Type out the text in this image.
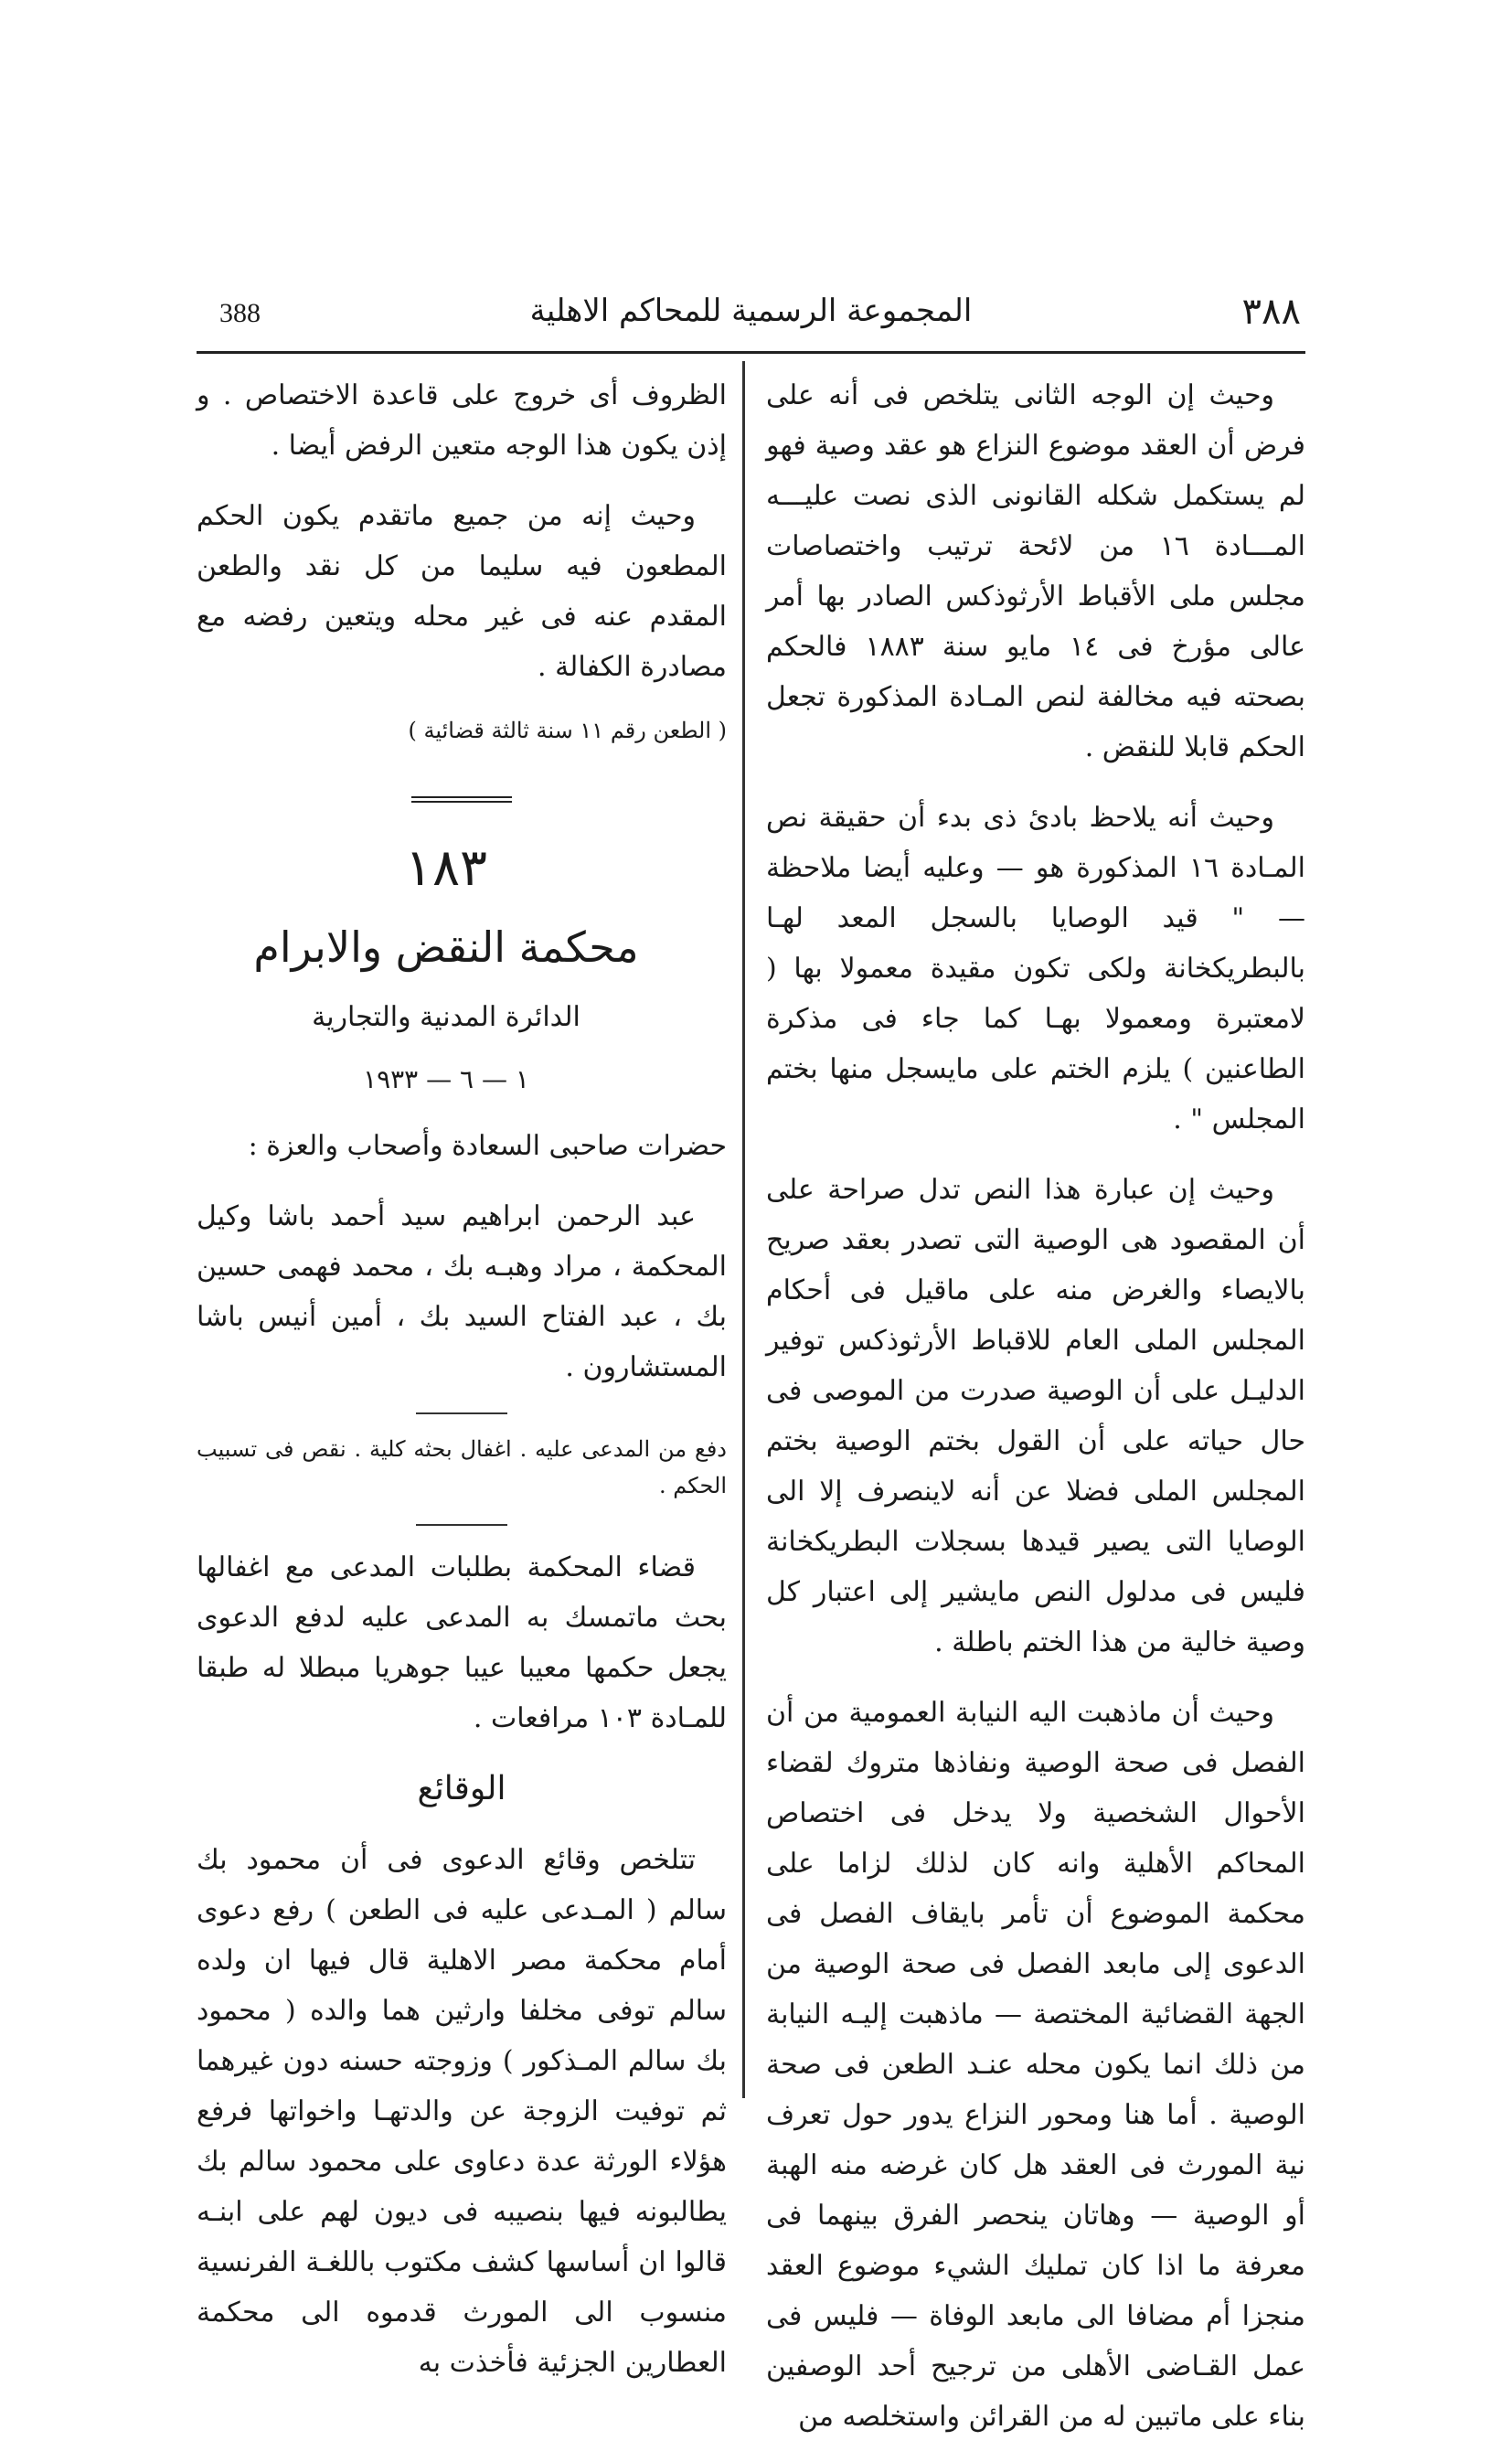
388	المجموعة الرسمية للمحاكم الاهلية	٣٨٨

وحيث إن الوجه الثانى يتلخص فى أنه على فرض أن العقد موضوع النزاع هو عقد وصية فهو لم يستكمل شكله القانونى الذى نصت عليـــه المـــادة ١٦ من لائحة ترتيب واختصاصات مجلس ملى الأقباط الأرثوذكس الصادر بها أمر عالى مؤرخ فى ١٤ مايو سنة ١٨٨٣ فالحكم بصحته فيه مخالفة لنص المـادة المذكورة تجعل الحكم قابلا للنقض .

وحيث أنه يلاحظ بادئ ذى بدء أن حقيقة نص المـادة ١٦ المذكورة هو — وعليه أيضا ملاحظة — " قيد الوصايا بالسجل المعد لهـا بالبطريكخانة ولكى تكون مقيدة معمولا بها ( لامعتبرة ومعمولا بهـا كما جاء فى مذكرة الطاعنين ) يلزم الختم على مايسجل منها بختم المجلس " .

وحيث إن عبارة هذا النص تدل صراحة على أن المقصود هى الوصية التى تصدر بعقد صريح بالايصاء والغرض منه على ماقيل فى أحكام المجلس الملى العام للاقباط الأرثوذكس توفير الدليـل على أن الوصية صدرت من الموصى فى حال حياته على أن القول بختم الوصية بختم المجلس الملى فضلا عن أنه لاينصرف إلا الى الوصايا التى يصير قيدها بسجلات البطريكخانة فليس فى مدلول النص مايشير إلى اعتبار كل وصية خالية من هذا الختم باطلة .

وحيث أن ماذهبت اليه النيابة العمومية من أن الفصل فى صحة الوصية ونفاذها متروك لقضاء الأحوال الشخصية ولا يدخل فى اختصاص المحاكم الأهلية وانه كان لذلك لزاما على محكمة الموضوع أن تأمر بايقاف الفصل فى الدعوى إلى مابعد الفصل فى صحة الوصية من الجهة القضائية المختصة — ماذهبت إليـه النيابة من ذلك انما يكون محله عنـد الطعن فى صحة الوصية . أما هنا ومحور النزاع يدور حول تعرف نية المورث فى العقد هل كان غرضه منه الهبة أو الوصية — وهاتان ينحصر الفرق بينهما فى معرفة ما اذا كان تمليك الشيء موضوع العقد منجزا أم مضافا الى مابعد الوفاة — فليس فى عمل القـاضى الأهلى من ترجيح أحد الوصفين بناء على ماتبين له من القرائن واستخلصه من

الظروف أى خروج على قاعدة الاختصاص . و إذن يكون هذا الوجه متعين الرفض أيضا .

وحيث إنه من جميع ماتقدم يكون الحكم المطعون فيه سليما من كل نقد والطعن المقدم عنه فى غير محله ويتعين رفضه مع مصادرة الكفالة .

( الطعن رقم ١١ سنة ثالثة قضائية )

١٨٣

محكمة النقض والابرام

الدائرة المدنية والتجارية

١ — ٦ — ١٩٣٣

حضرات صاحبى السعادة وأصحاب والعزة :

عبد الرحمن ابراهيم سيد أحمد باشا وكيل المحكمة ، مراد وهبـه بك ، محمد فهمى حسين بك ، عبد الفتاح السيد بك ، أمين أنيس باشا المستشارون .

دفع من المدعى عليه . اغفال بحثه كلية . نقص فى تسبيب الحكم .

قضاء المحكمة بطلبات المدعى مع اغفالها بحث ماتمسك به المدعى عليه لدفع الدعوى يجعل حكمها معيبا عيبا جوهريا مبطلا له طبقا للمـادة ١٠٣ مرافعات .

الوقائع

تتلخص وقائع الدعوى فى أن محمود بك سالم ( المـدعى عليه فى الطعن ) رفع دعوى أمام محكمة مصر الاهلية قال فيها ان ولده سالم توفى مخلفا وارثين هما والده ( محمود بك سالم المـذكور ) وزوجته حسنه دون غيرهما ثم توفيت الزوجة عن والدتهـا واخواتها فرفع هؤلاء الورثة عدة دعاوى على محمود سالم بك يطالبونه فيها بنصيبه فى ديون لهم على ابنـه قالوا ان أساسها كشف مكتوب باللغـة الفرنسية منسوب الى المورث قدموه الى محكمة العطارين الجزئية فأخذت به
